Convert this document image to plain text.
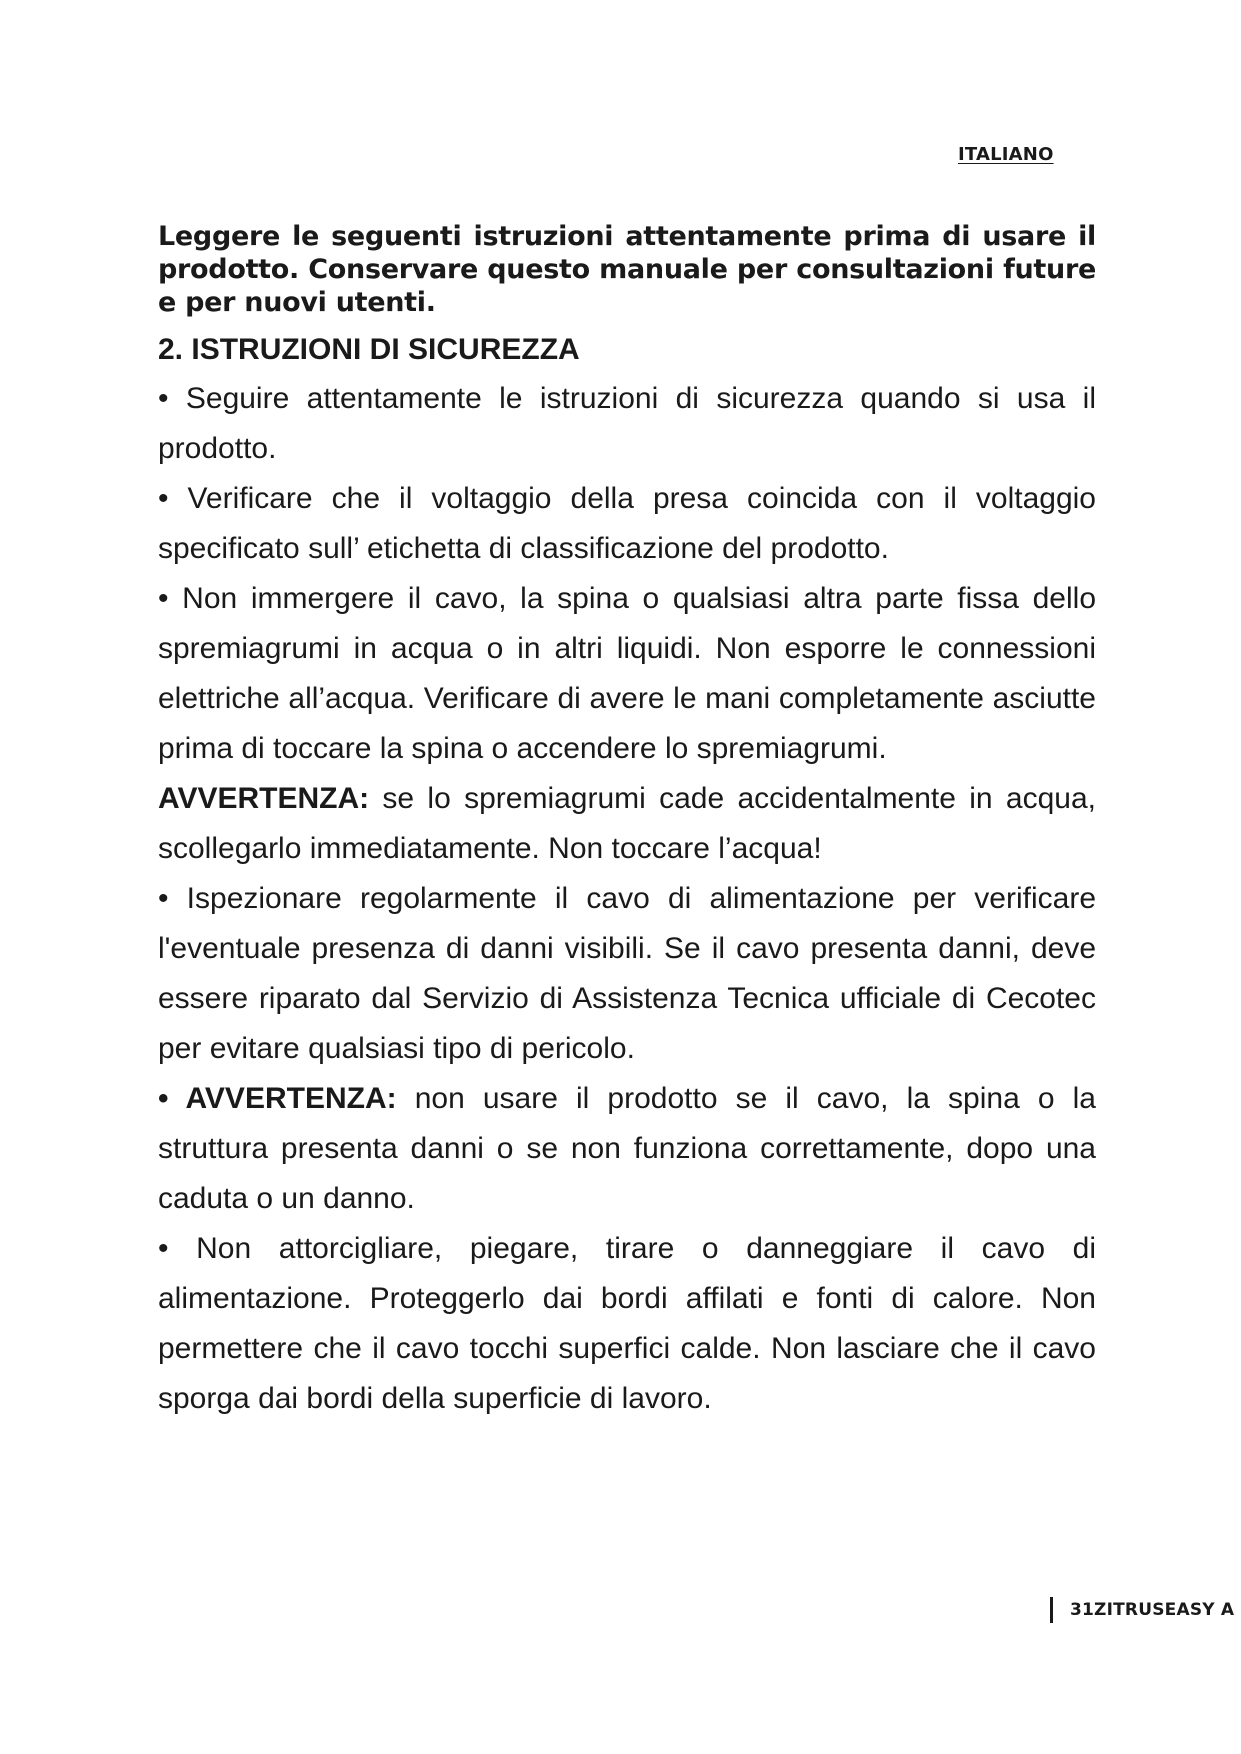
ITALIANO

Leggere le seguenti istruzioni attentamente prima di usare il prodotto. Conservare questo manuale per consultazioni future e per nuovi utenti.

2. ISTRUZIONI DI SICUREZZA

• Seguire attentamente le istruzioni di sicurezza quando si usa il prodotto.

• Verificare che il voltaggio della presa coincida con il voltaggio specificato sull’ etichetta di classificazione del prodotto.

• Non immergere il cavo, la spina o qualsiasi altra parte fissa dello spremiagrumi in acqua o in altri liquidi. Non esporre le connessioni elettriche all’acqua. Verificare di avere le mani completamente asciutte prima di toccare la spina o accendere lo spremiagrumi.

AVVERTENZA: se lo spremiagrumi cade accidentalmente in acqua, scollegarlo immediatamente. Non toccare l’acqua!

• Ispezionare regolarmente il cavo di alimentazione per verificare l'eventuale presenza di danni visibili. Se il cavo presenta danni, deve essere riparato dal Servizio di Assistenza Tecnica ufficiale di Cecotec per evitare qualsiasi tipo di pericolo.

• AVVERTENZA: non usare il prodotto se il cavo, la spina o la struttura presenta danni o se non funziona correttamente, dopo una caduta o un danno.

• Non attorcigliare, piegare, tirare o danneggiare il cavo di alimentazione. Proteggerlo dai bordi affilati e fonti di calore. Non permettere che il cavo tocchi superfici calde. Non lasciare che il cavo sporga dai bordi della superficie di lavoro.

31ZITRUSEASY A
